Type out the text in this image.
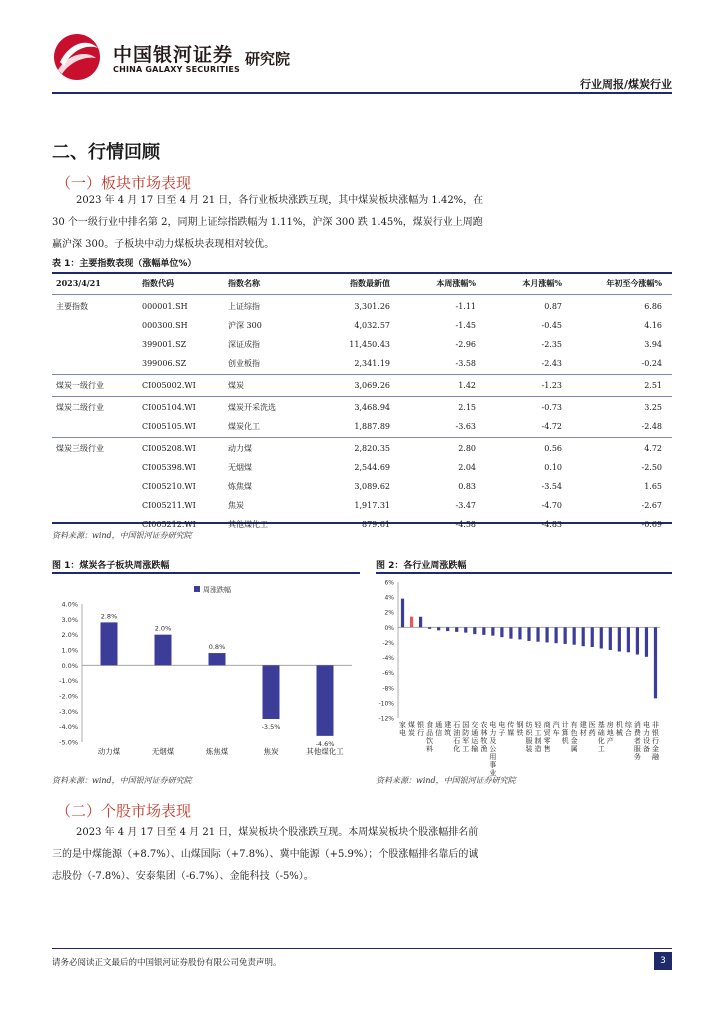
中国银河证券
CHINA GALAXY SECURITIES
研究院
行业周报/煤炭行业
二、行情回顾
（一）板块市场表现
2023 年 4 月 17 日至 4 月 21 日，各行业板块涨跌互现，其中煤炭板块涨幅为 1.42%，在
30 个一级行业中排名第 2，同期上证综指跌幅为 1.11%，沪深 300 跌 1.45%，煤炭行业上周跑
赢沪深 300。子板块中动力煤板块表现相对较优。
表 1：主要指数表现（涨幅单位%）
2023/4/21	指数代码	指数名称	指数最新值	本周涨幅%	本月涨幅%	年初至今涨幅%
主要指数	000001.SH	上证综指	3,301.26	-1.11	0.87	6.86
000300.SH	沪深 300	4,032.57	-1.45	-0.45	4.16
399001.SZ	深证成指	11,450.43	-2.96	-2.35	3.94
399006.SZ	创业板指	2,341.19	-3.58	-2.43	-0.24
煤炭一级行业	CI005002.WI	煤炭	3,069.26	1.42	-1.23	2.51
煤炭二级行业	CI005104.WI	煤炭开采洗选	3,468.94	2.15	-0.73	3.25
CI005105.WI	煤炭化工	1,887.89	-3.63	-4.72	-2.48
煤炭三级行业	CI005208.WI	动力煤	2,820.35	2.80	0.56	4.72
CI005398.WI	无烟煤	2,544.69	2.04	0.10	-2.50
CI005210.WI	炼焦煤	3,089.62	0.83	-3.54	1.65
CI005211.WI	焦炭	1,917.31	-3.47	-4.70	-2.67
CI005212.WI	其他煤化工	879.61	-4.58	-4.83	-0.69
资料来源：wind，中国银河证券研究院
图 1：煤炭各子板块周涨跌幅
周涨跌幅
4.0%
3.0%
2.0%
1.0%
0.0%
-1.0%
-2.0%
-3.0%
-4.0%
-5.0%
2.8%
动力煤
2.0%
无烟煤
0.8%
炼焦煤
-3.5%
焦炭
-4.6%
其他煤化工
资料来源：wind，中国银河证券研究院
图 2：各行业周涨跌幅
6%
4%
2%
0%
-2%
-4%
-6%
-8%
-10%
-12%
家电
煤炭
银行
食品饮料
通信
建筑
石油石化
国防军工
交通运输
农林牧渔
电力及公用事业
电子
传媒
钢铁
纺织服装
轻工制造
商贸零售
汽车
计算机
有色金属
建材
医药
基础化工
房地产
机械
综合
消费者服务
电力设备
非银行金融
资料来源：wind，中国银河证券研究院
（二）个股市场表现
2023 年 4 月 17 日至 4 月 21 日，煤炭板块个股涨跌互现。本周煤炭板块个股涨幅排名前
三的是中煤能源（+8.7%）、山煤国际（+7.8%）、冀中能源（+5.9%）；个股涨幅排名靠后的诚
志股份（-7.8%）、安泰集团（-6.7%）、金能科技（-5%）。
请务必阅读正文最后的中国银河证券股份有限公司免责声明。	3
